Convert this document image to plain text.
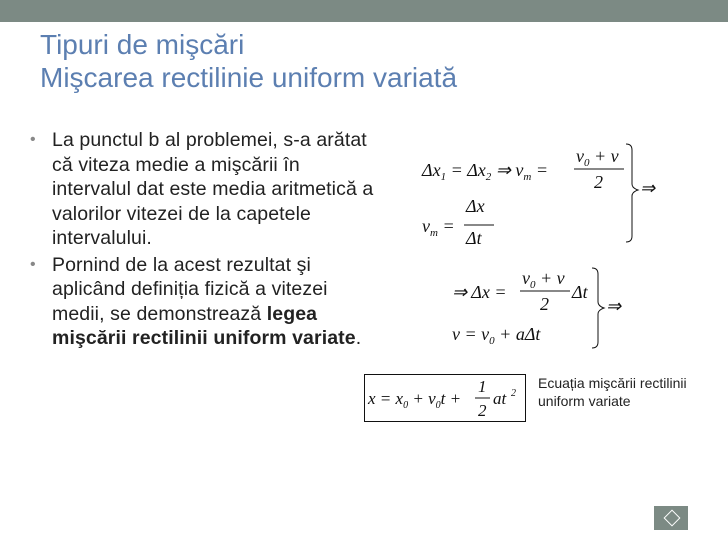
Tipuri de mişcări
Mişcarea rectilinie uniform variată
• La punctul b al problemei, s-a arătat că viteza medie a mişcării în intervalul dat este media aritmetică a valorilor vitezei de la capetele intervalului.
• Pornind de la acest rezultat şi aplicând definiția fizică a vitezei medii, se demonstrează legea mişcării rectilinii uniform variate.
$\Delta x_1 = \Delta x_2$ ⇒ $v_m$ =
$v_0 + v$
2
$v_m$ =
Δx
Δt
⇒
⇒ Δx =
$v_0 + v$
2
Δt
$v = v_0 + a\Delta t$
⇒
$x = x_0 + v_0t$ +
1
2
at 2
Ecuația mişcării rectilinii uniform variate
